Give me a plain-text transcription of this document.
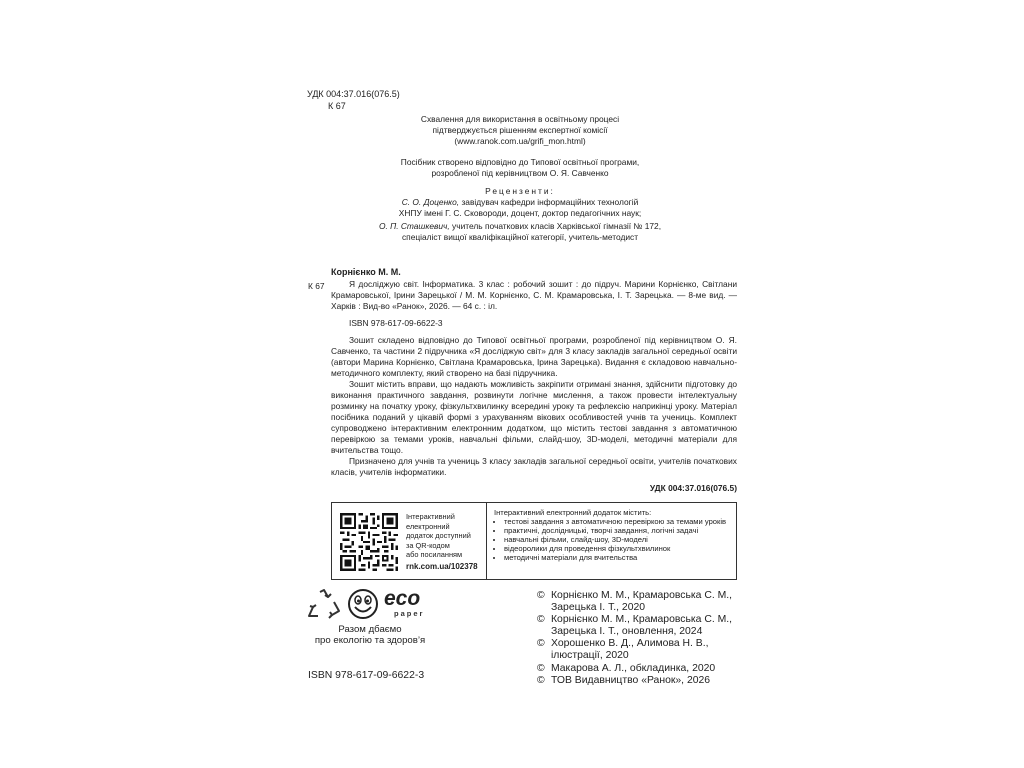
УДК 004:37.016(076.5)
К 67
Схвалення для використання в освітньому процесі
підтверджується рішенням експертної комісії
(www.ranok.com.ua/grifi_mon.html)
Посібник створено відповідно до Типової освітньої програми,
розробленої під керівництвом О. Я. Савченко
Рецензенти:
С. О. Доценко, завідувач кафедри інформаційних технологій
ХНПУ імені Г. С. Сковороди, доцент, доктор педагогічних наук;
О. П. Сташкевич, учитель початкових класів Харківської гімназії № 172,
спеціаліст вищої кваліфікаційної категорії, учитель-методист
Корнієнко М. М.
К 67	Я досліджую світ. Інформатика. 3 клас : робочий зошит : до підруч. Марини Корнієнко, Світлани Крамаровської, Ірини Зарецької / М. М. Корнієнко, С. М. Крамаровська, І. Т. Зарецька. — 8-ме вид. — Харків : Вид-во «Ранок», 2026. — 64 с. : іл.

ISBN 978-617-09-6622-3

Зошит складено відповідно до Типової освітньої програми, розробленої під керівництвом О. Я. Савченко, та частини 2 підручника «Я досліджую світ» для 3 класу закладів загальної середньої освіти (автори Марина Корнієнко, Світлана Крамаровська, Ірина Зарецька). Видання є складовою навчально-методичного комплекту, який створено на базі підручника.

Зошит містить вправи, що надають можливість закріпити отримані знання, здійснити підготовку до виконання практичного завдання, розвинути логічне мислення, а також провести інтелектуальну розминку на початку уроку, фізкультхвилинку всередині уроку та рефлексію наприкінці уроку. Матеріал посібника поданий у цікавій формі з урахуванням вікових особливостей учнів та учениць. Комплект супроводжено інтерактивним електронним додатком, що містить тестові завдання з автоматичною перевіркою за темами уроків, навчальні фільми, слайд-шоу, 3D-моделі, методичні матеріали для вчительства тощо.

Призначено для учнів та учениць 3 класу закладів загальної середньої освіти, учителів початкових класів, учителів інформатики.

УДК 004:37.016(076.5)

Інтерактивний
електронний
додаток доступний
за QR-кодом
або посиланням
rnk.com.ua/102378
Інтерактивний електронний додаток містить:
• тестові завдання з автоматичною перевіркою за темами уроків
• практичні, дослідницькі, творчі завдання, логічні задачі
• навчальні фільми, слайд-шоу, 3D-моделі
• відеоролики для проведення фізкультхвилинок
• методичні матеріали для вчительства
eco
paper
Разом дбаємо
про екологію та здоров’я
ISBN 978-617-09-6622-3
© Корнієнко М. М., Крамаровська С. М., Зарецька І. Т., 2020
© Корнієнко М. М., Крамаровська С. М., Зарецька І. Т., оновлення, 2024
© Хорошенко В. Д., Алимова Н. В., ілюстрації, 2020
© Макарова А. Л., обкладинка, 2020
© ТОВ Видавництво «Ранок», 2026
